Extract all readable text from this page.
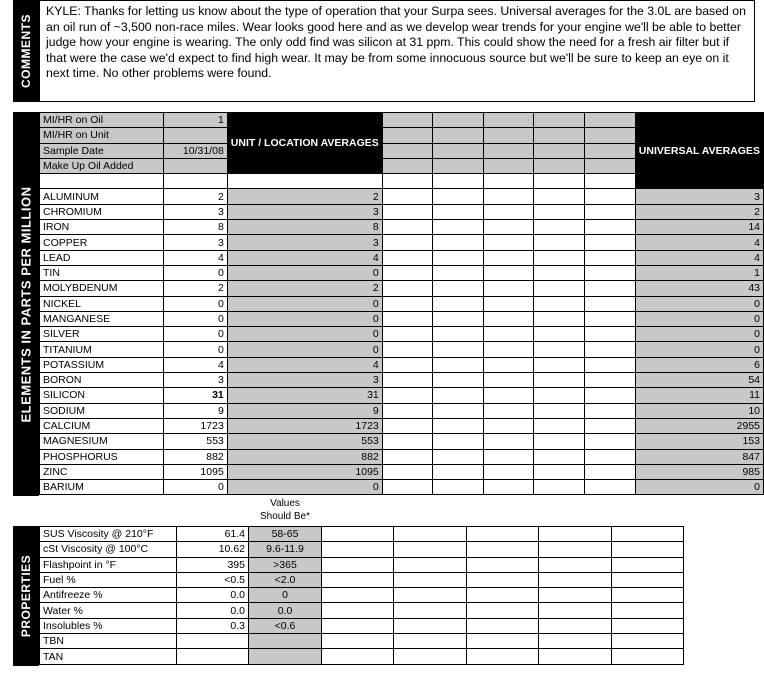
COMMENTS
KYLE: Thanks for letting us know about the type of operation that your Surpa sees. Universal averages for the 3.0L are based on an oil run of ~3,500 non-race miles. Wear looks good here and as we develop wear trends for your engine we'll be able to better judge how your engine is wearing. The only odd find was silicon at 31 ppm. This could show the need for a fresh air filter but if that were the case we'd expect to find high wear. It may be from some innocuous source but we'll be sure to keep an eye on it next time. No other problems were found.
ELEMENTS IN PARTS PER MILLION
MI/HR on Oil	1	UNIT / LOCATION AVERAGES						UNIVERSAL AVERAGES
MI/HR on Unit								
Sample Date	10/31/08							
Make Up Oil Added								

ALUMINUM	2	2						3
CHROMIUM	3	3						2
IRON	8	8						14
COPPER	3	3						4
LEAD	4	4						4
TIN	0	0						1
MOLYBDENUM	2	2						43
NICKEL	0	0						0
MANGANESE	0	0						0
SILVER	0	0						0
TITANIUM	0	0						0
POTASSIUM	4	4						6
BORON	3	3						54
SILICON	31	31						11
SODIUM	9	9						10
CALCIUM	1723	1723						2955
MAGNESIUM	553	553						153
PHOSPHORUS	882	882						847
ZINC	1095	1095						985
BARIUM	0	0						0
Values
Should Be*
PROPERTIES
SUS Viscosity @ 210°F	61.4	58-65					
cSt Viscosity @ 100°C	10.62	9.6-11.9					
Flashpoint in °F	395	>365					
Fuel %	<0.5	<2.0					
Antifreeze %	0.0	0					
Water %	0.0	0.0					
Insolubles %	0.3	<0.6					
TBN							
TAN							
